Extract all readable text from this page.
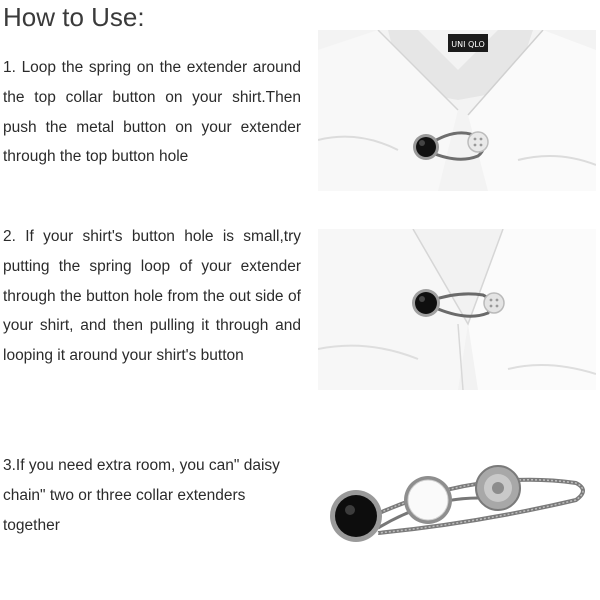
How to Use:
1. Loop the spring on the extender around the top collar button on your shirt.Then push the metal button on your extender through the top button hole
2. If your shirt's button hole is small,try putting the spring loop of your extender through the button hole from the out side of your shirt, and then pulling it through and looping it around your shirt's button
3.If you need extra room, you can" daisy chain" two or three collar extenders together
UNI QLO
